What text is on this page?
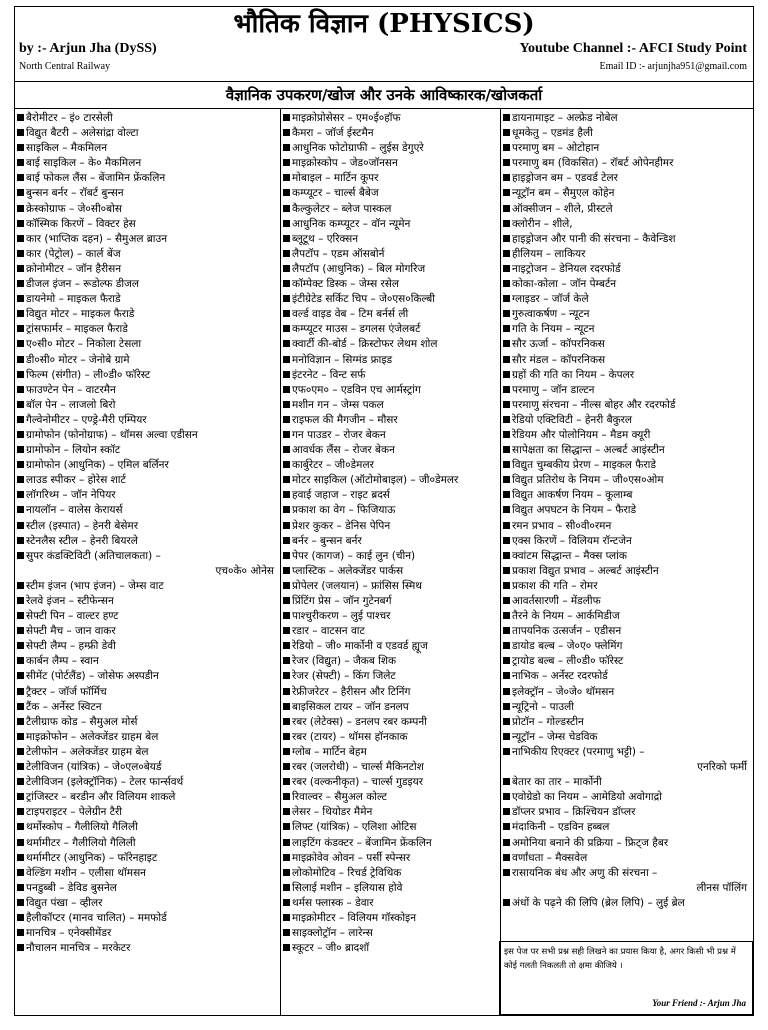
भौतिक विज्ञान (PHYSICS)
by :- Arjun Jha (DySS)
North Central Railway
Youtube Channel :- AFCI Study Point
Email ID :- arjunjha951@gmail.com
वैज्ञानिक उपकरण/खोज और उनके आविष्कारक/खोजकर्ता
बैरोमीटर – इं० टारसेली
विद्युत बैटरी – अलेसांद्रा वोल्टा
साइकिल – मैकमिलन
बाई साइकिल – के० मैकमिलन
बाई फोकल लैंस – बेंजामिन फ्रेंकलिन
बुन्सन बर्नर – रॉबर्ट बुन्सन
क्रेस्कोग्राफ – जे०सी०बोस
कॉस्मिक किरणें – विक्टर हेस
कार (भाप्तिक दहन) – सैमुअल ब्राउन
कार (पेट्रोल) – कार्ल बेंज
क्रोनोमीटर – जॉन हैरीसन
डीजल इंजन – रूडोल्फ डीजल
डायनेमो – माइकल फैराडे
विद्युत मोटर – माइकल फैराडे
ट्रांसफार्मर – माइकल फैराडे
ए०सी० मोटर – निकोला टेसला
डी०सी० मोटर – जेनोबे ग्रामे
फिल्म (संगीत) – ली०डी० फॉरेस्ट
फाउण्टेन पेन – वाटरमैन
बॉल पेन – लाजलो बिरो
गैल्वेनोमीटर – एण्ड्रे-मैरी एम्पियर
ग्रामोफोन (फोनोग्राफ) – थॉमस अल्वा एडीसन
ग्रामोफोन – लियोन स्कॉट
ग्रामोफोन (आधुनिक) – एमिल बर्लिनर
लाउड स्पीकर – होरेस शार्ट
लॉगरिथ्म – जॉन नेपियर
नायलॉन – वालेस केरायर्स
स्टील (इस्पात) – हेनरी बेसेमर
स्टेनलैस स्टील – हेनरी बियरले
सुपर कंडक्टिविटी (अतिचालकता) –
एच०के० ओनेस
स्टीम इंजन (भाप इंजन) – जेम्स वाट
रेलवे इंजन – स्टीफेन्सन
सेफ्टी पिन – वाल्टर हण्ट
सेफ्टी मैच – जान वाकर
सेफ्टी लैम्प – हम्फ्री डेवी
कार्बन लैम्प – स्वान
सीमेंट (पोर्टलैंड) – जोसेफ अस्पडीन
ट्रैक्टर – जॉर्ज फॉर्मिच
टैंक – अर्नेस्ट स्विटन
टैलीग्राफ कोड – सैमुअल मोर्स
माइक्रोफोन – अलेक्जेंडर ग्राहम बेल
टेलीफोन – अलेक्जेंडर ग्राहम बेल
टेलीविजन (यांत्रिक) – जे०एल०बेयर्ड
टेलीविजन (इलेक्ट्रॉनिक) – टेलर फार्न्सवर्थ
ट्रांजिस्टर – बरडीन और विलियम शाकले
टाइपराइटर – पेलेग्रीन टैरी
थर्मोस्कोप – गैलीलियो गैलिली
थर्मामीटर – गैलीलियो गैलिली
थर्मामीटर (आधुनिक) – फॉरेनहाइट
वेल्डिंग मशीन – एलीसा थॉमसन
पनडुब्बी – डेविड बुसनेल
विद्युत पंखा – व्हीलर
हैलीकॉप्टर (मानव चालित) – ममफोर्ड
मानचित्र – एनेक्सीमेंडर
नौचालन मानचित्र – मरकेटर
माइक्रोप्रोसेसर – एम०ई०हॉफ
कैमरा – जॉर्ज ईस्टमैन
आधुनिक फोटोग्राफी – लुईस डेगुएरे
माइक्रोस्कोप – जेड०जॉनसन
मोबाइल – मार्टिन कूपर
कम्प्यूटर – चार्ल्स बैबेज
कैल्कुलेटर – ब्लेज पास्कल
आधुनिक कम्प्यूटर – वॉन न्यूमेन
ब्लूटूथ – एरिक्सन
लैपटॉप – एडम ऑसबोर्न
लैपटॉप (आधुनिक) – बिल मोगरिज
कॉम्पेक्ट डिस्क – जेम्स रसेल
इंटीग्रेटेड सर्किट चिप – जे०एस०किल्बी
वर्ल्ड वाइड वेब – टिम बर्नर्स ली
कम्प्यूटर माउस – डगलस एंजेलबर्ट
क्वार्टी की-बोर्ड – क्रिस्टोफर लेथम शोल
मनोविज्ञान – सिग्मंड फ्राइड
इंटरनेट – विन्ट सर्फ
एफ०एम० – एडविन एच आर्मस्ट्रांग
मशीन गन – जेम्स पकल
राइफल की मैगजीन – मौसर
गन पाउडर – रोजर बेकन
आवर्धक लैंस – रोजर बेकन
कार्बुरेटर – जी०डेमलर
मोटर साइकिल (ऑटोमोबाइल) – जी०डेमलर
हवाई जहाज – राइट ब्रदर्स
प्रकाश का वेग – फिजियाऊ
प्रेशर कुकर – डेनिस पेपिन
बर्नर – बुन्सन बर्नर
पेपर (कागज) – काई लुन (चीन)
प्लास्टिक – अलेक्जेंडर पार्कस
प्रोपेलर (जलयान) – फ्रांसिस स्मिथ
प्रिंटिंग प्रेस – जॉन गुटेनबर्ग
पाश्चुरीकरण – लुई पाश्चर
रडार – वाटसन वाट
रेडियो – जी० मार्कोनी व एडवर्ड ह्यूज
रेजर (विद्युत) – जैकब शिक
रेजर (सेफ्टी) – किंग जिलेट
रेफ्रीजरेटर – हैरीसन और टिनिंग
बाइसिकल टायर – जॉन डनलप
रबर (लेटेक्स) – डनलप रबर कम्पनी
रबर (टायर) – थॉमस हॉनकाक
ग्लोब – मार्टिन बेहम
रबर (जलरोधी) – चार्ल्स मैकिनटोश
रबर (वल्कनीकृत) – चार्ल्स गुडइयर
रिवाल्वर – सैमुअल कोल्ट
लेसर – थियोडर मैमेन
लिफ्ट (यांत्रिक) – एलिशा ओटिस
लाइटिंग कंडक्टर – बेंजामिन फ्रेंकलिन
माइक्रोवेव ओवन – पर्सी स्पेन्सर
लोकोमोटिव – रिचर्ड ट्रेविथिक
सिलाई मशीन – इलियास होवे
थर्मस फ्लास्क – डेवार
माइक्रोमीटर – विलियम गॉस्कोइन
साइक्लोट्रॉन – लारेन्स
स्कूटर – जी० ब्रादशॉ
डायनामाइट – अल्फ्रेड नोबेल
धूमकेतु – एडमंड हैली
परमाणु बम – ओटोहान
परमाणु बम (विकसित) – रॉबर्ट ओपेनहीमर
हाइड्रोजन बम – एडवर्ड टेलर
न्यूट्रॉन बम – सैमुएल कोहेन
ऑक्सीजन – शीले, प्रीस्टले
क्लोरीन – शीले,
हाइड्रोजन और पानी की संरचना – कैवेन्डिश
हीलियम – लाकियर
नाइट्रोजन – डेनियल रदरफोर्ड
कोका-कोला – जॉन पेम्बर्टन
ग्लाइडर – जॉर्ज केले
गुरुत्वाकर्षण – न्यूटन
गति के नियम – न्यूटन
सौर ऊर्जा – कॉपरनिकस
सौर मंडल – कॉपरनिकस
ग्रहों की गति का नियम – केपलर
परमाणु – जॉन डाल्टन
परमाणु संरचना – नील्स बोहर और रदरफोर्ड
रेडियो एक्टिविटी – हेनरी बैकुरल
रेडियम और पोलोनियम – मैडम क्यूरी
सापेक्षता का सिद्धान्त – अल्बर्ट आइंस्टीन
विद्युत चुम्बकीय प्रेरण – माइकल फैराडे
विद्युत प्रतिरोध के नियम – जी०एस०ओम
विद्युत आकर्षण नियम – कूलाम्ब
विद्युत अपघटन के नियम – फैराडे
रमन प्रभाव – सी०वी०रमन
एक्स किरणें – विलियम रॉन्टजेन
क्वांटम सिद्धान्त – मैक्स प्लांक
प्रकाश विद्युत प्रभाव – अल्बर्ट आइंस्टीन
प्रकाश की गति – रोमर
आवर्तसारणी – मेंडलीफ
तैरने के नियम – आर्कमिडीज
तापयनिक उत्सर्जन – एडीसन
डायोड बल्ब – जे०ए० फ्लेमिंग
ट्रायोड बल्ब – ली०डी० फॉरेस्ट
नाभिक – अर्नेस्ट रदरफोर्ड
इलेक्ट्रॉन – जे०जे० थॉमसन
न्यूट्रिनो – पाउली
प्रोटॉन – गोल्डस्टीन
न्यूट्रॉन – जेम्स चेडविक
नाभिकीय रिएक्टर (परमाणु भट्टी) –
एनरिको फर्मी
बेतार का तार – मार्कोनी
एवोग्रेडो का नियम – आमेडियो अवोगाद्रो
डॉप्लर प्रभाव – क्रिश्चियन डॉप्लर
मंदाकिनी – एडविन हब्बल
अमोनिया बनाने की प्रक्रिया – फ्रिट्ज हैबर
वर्णांधता – मैक्सवेल
रासायनिक बंध और अणु की संरचना –
लीनस पॉलिंग
अंधों के पढ़ने की लिपि (ब्रेल लिपि) – लुई ब्रेल
इस पेज पर सभी प्रश्न सही लिखने का प्रयास किया है, अगर किसी भी प्रश्न में कोई गलती निकलती तो क्षमा कीजिये ।
Your Friend :- Arjun Jha
